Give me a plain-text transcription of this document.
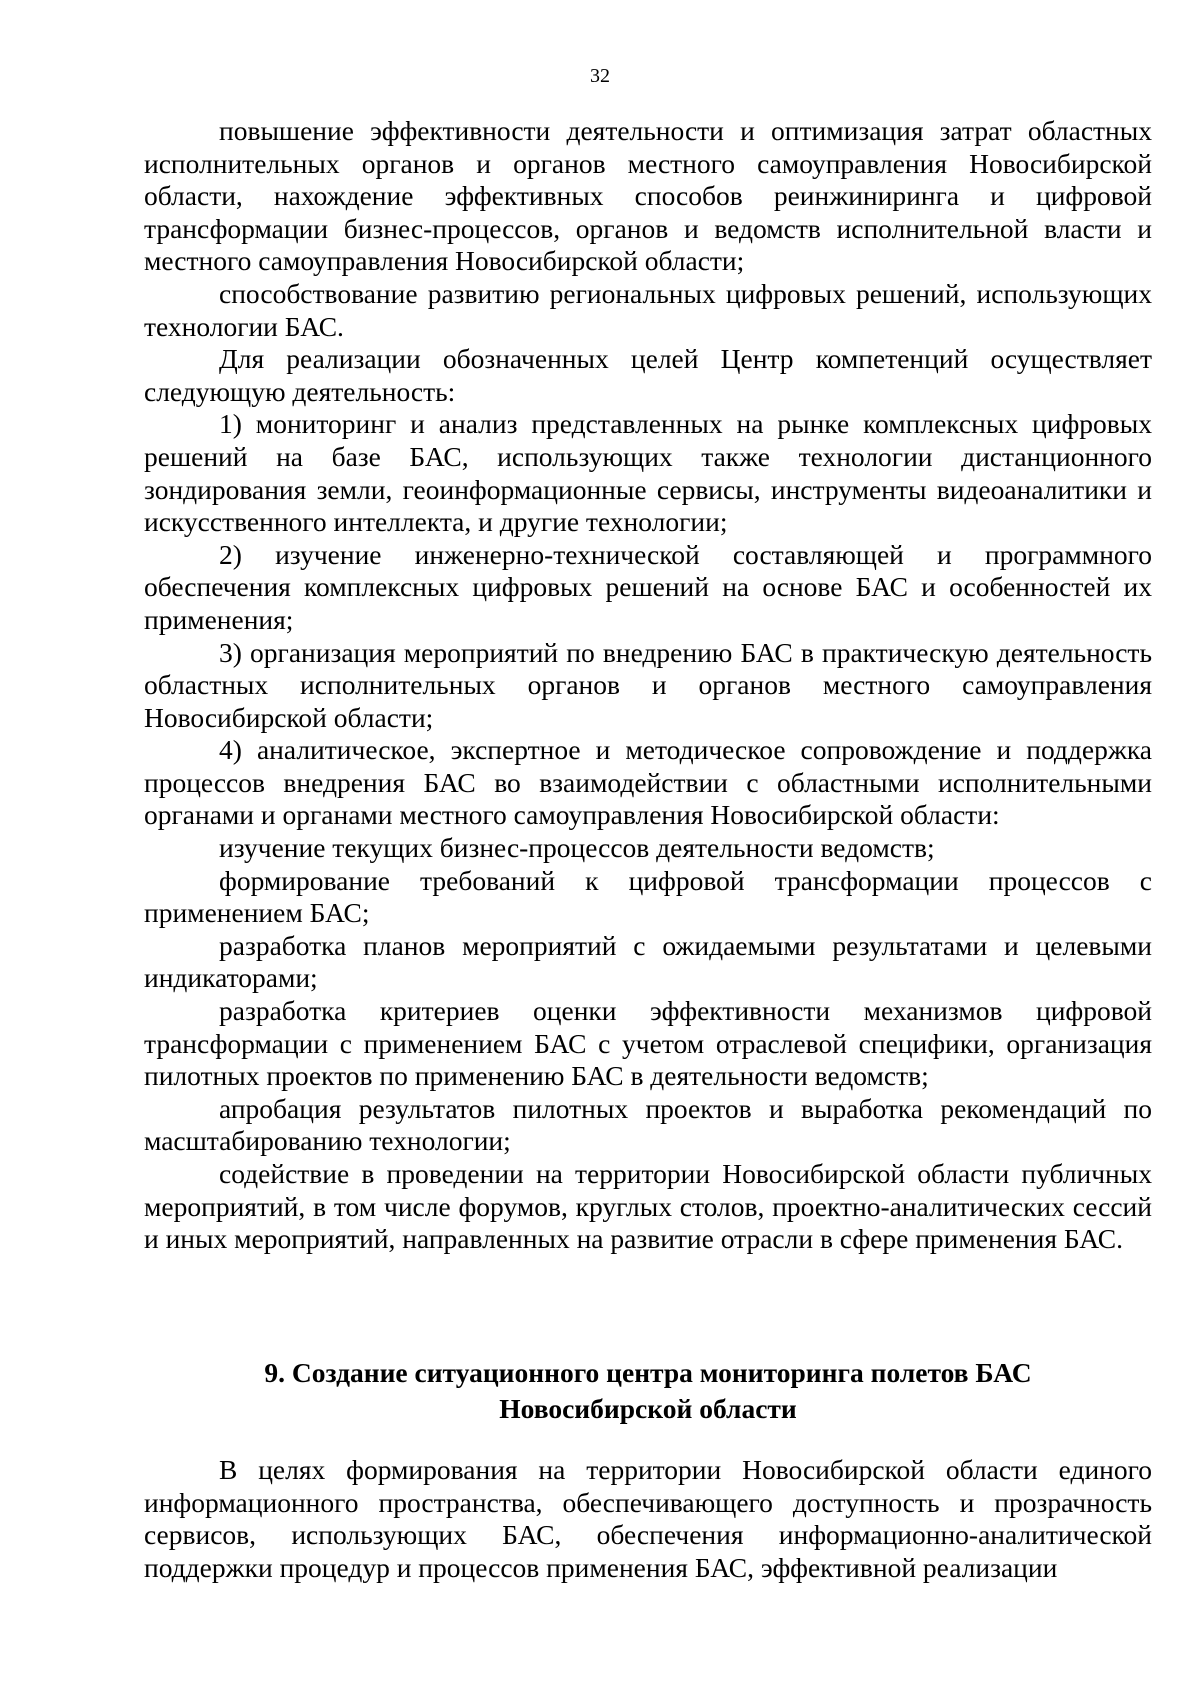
32

повышение эффективности деятельности и оптимизация затрат областных исполнительных органов и органов местного самоуправления Новосибирской области, нахождение эффективных способов реинжиниринга и цифровой трансформации бизнес-процессов, органов и ведомств исполнительной власти и местного самоуправления Новосибирской области;

способствование развитию региональных цифровых решений, использующих технологии БАС.

Для реализации обозначенных целей Центр компетенций осуществляет следующую деятельность:

1) мониторинг и анализ представленных на рынке комплексных цифровых решений на базе БАС, использующих также технологии дистанционного зондирования земли, геоинформационные сервисы, инструменты видеоаналитики и искусственного интеллекта, и другие технологии;

2) изучение инженерно-технической составляющей и программного обеспечения комплексных цифровых решений на основе БАС и особенностей их применения;

3) организация мероприятий по внедрению БАС в практическую деятельность областных исполнительных органов и органов местного самоуправления Новосибирской области;

4) аналитическое, экспертное и методическое сопровождение и поддержка процессов внедрения БАС во взаимодействии с областными исполнительными органами и органами местного самоуправления Новосибирской области:

изучение текущих бизнес-процессов деятельности ведомств;

формирование требований к цифровой трансформации процессов с применением БАС;

разработка планов мероприятий с ожидаемыми результатами и целевыми индикаторами;

разработка критериев оценки эффективности механизмов цифровой трансформации с применением БАС с учетом отраслевой специфики, организация пилотных проектов по применению БАС в деятельности ведомств;

апробация результатов пилотных проектов и выработка рекомендаций по масштабированию технологии;

содействие в проведении на территории Новосибирской области публичных мероприятий, в том числе форумов, круглых столов, проектно-аналитических сессий и иных мероприятий, направленных на развитие отрасли в сфере применения БАС.

9. Создание ситуационного центра мониторинга полетов БАС
Новосибирской области

В целях формирования на территории Новосибирской области единого информационного пространства, обеспечивающего доступность и прозрачность сервисов, использующих БАС, обеспечения информационно-аналитической поддержки процедур и процессов применения БАС, эффективной реализации
